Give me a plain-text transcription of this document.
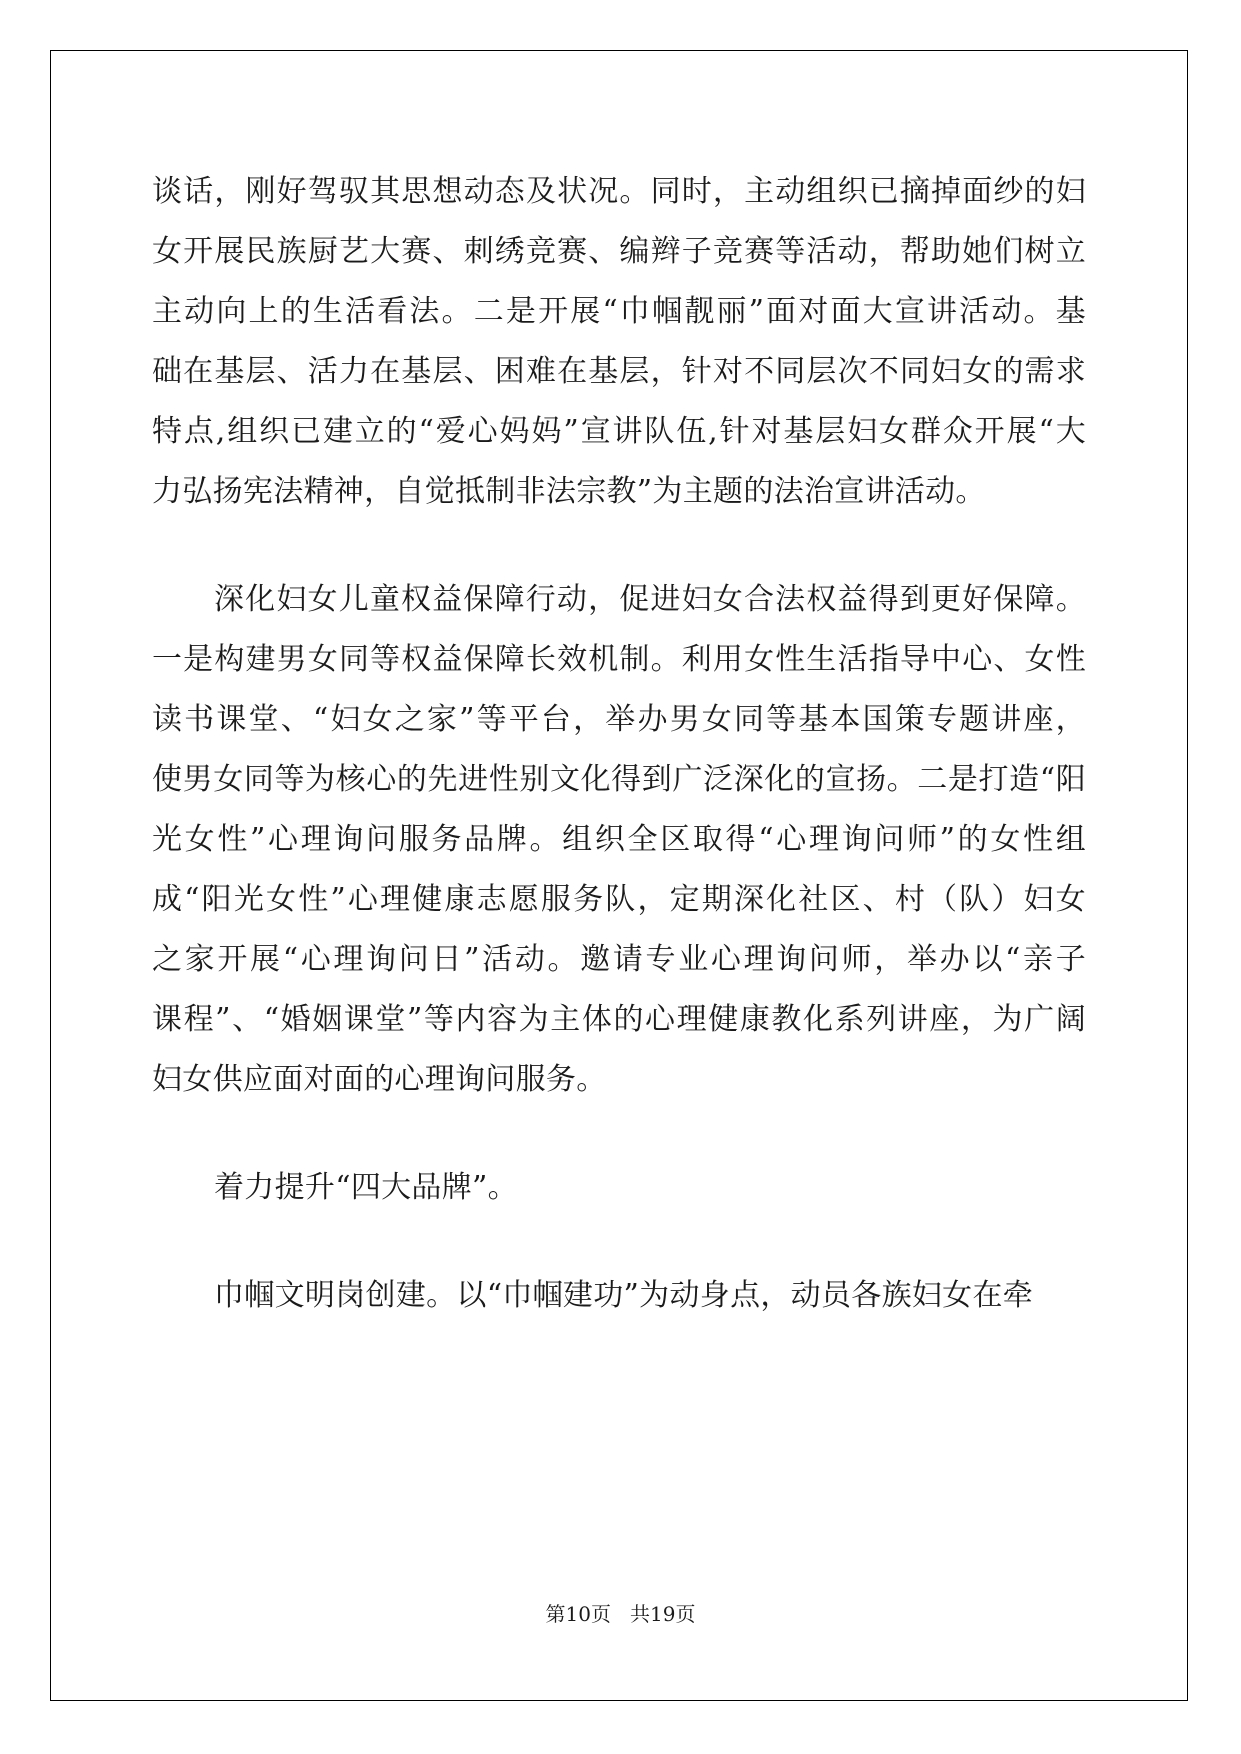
谈话，刚好驾驭其思想动态及状况。同时，主动组织已摘掉面纱的妇
女开展民族厨艺大赛、刺绣竞赛、编辫子竞赛等活动，帮助她们树立
主动向上的生活看法。二是开展“巾帼靓丽”面对面大宣讲活动。基
础在基层、活力在基层、困难在基层，针对不同层次不同妇女的需求
特点,组织已建立的“爱心妈妈”宣讲队伍,针对基层妇女群众开展“大
力弘扬宪法精神，自觉抵制非法宗教”为主题的法治宣讲活动。
深化妇女儿童权益保障行动，促进妇女合法权益得到更好保障。
一是构建男女同等权益保障长效机制。利用女性生活指导中心、女性
读书课堂、“妇女之家”等平台，举办男女同等基本国策专题讲座，
使男女同等为核心的先进性别文化得到广泛深化的宣扬。二是打造“阳
光女性”心理询问服务品牌。组织全区取得“心理询问师”的女性组
成“阳光女性”心理健康志愿服务队，定期深化社区、村（队）妇女
之家开展“心理询问日”活动。邀请专业心理询问师，举办以“亲子
课程”、“婚姻课堂”等内容为主体的心理健康教化系列讲座，为广阔
妇女供应面对面的心理询问服务。
着力提升“四大品牌”。
巾帼文明岗创建。以“巾帼建功”为动身点，动员各族妇女在牵
第10页 共19页
